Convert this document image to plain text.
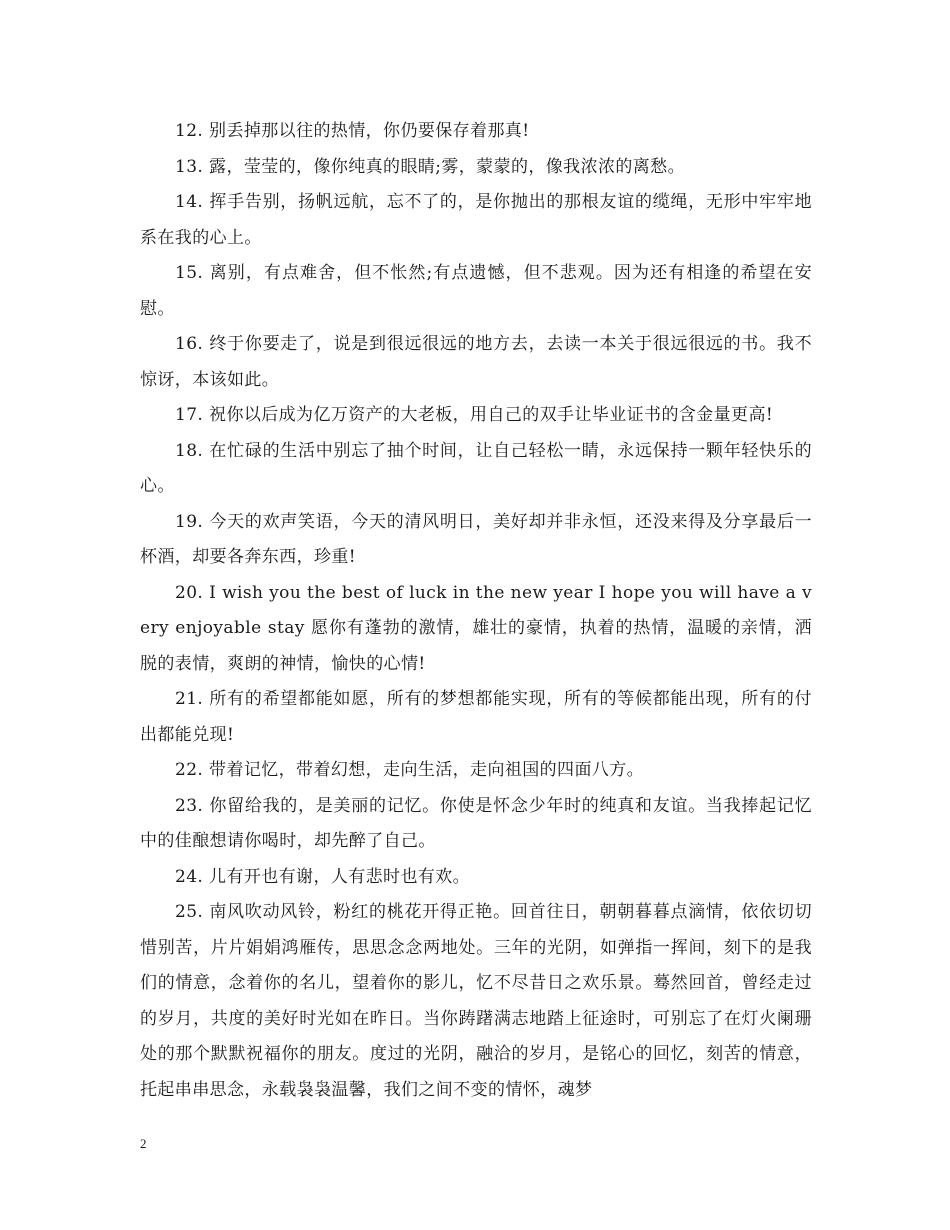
12. 别丢掉那以往的热情，你仍要保存着那真!

13. 露，莹莹的，像你纯真的眼睛;雾，蒙蒙的，像我浓浓的离愁。

14. 挥手告别，扬帆远航，忘不了的，是你抛出的那根友谊的缆绳，无形中牢牢地系在我的心上。

15. 离别，有点难舍，但不怅然;有点遗憾，但不悲观。因为还有相逢的希望在安慰。

16. 终于你要走了，说是到很远很远的地方去，去读一本关于很远很远的书。我不惊讶，本该如此。

17. 祝你以后成为亿万资产的大老板，用自己的双手让毕业证书的含金量更高!

18. 在忙碌的生活中别忘了抽个时间，让自己轻松一睛，永远保持一颗年轻快乐的心。

19. 今天的欢声笑语，今天的清风明日，美好却并非永恒，还没来得及分享最后一杯酒，却要各奔东西，珍重!

20. I wish you the best of luck in the new year I hope you will have a very enjoyable stay 愿你有蓬勃的激情，雄壮的豪情，执着的热情，温暖的亲情，洒脱的表情，爽朗的神情，愉快的心情!

21. 所有的希望都能如愿，所有的梦想都能实现，所有的等候都能出现，所有的付出都能兑现!

22. 带着记忆，带着幻想，走向生活，走向祖国的四面八方。

23. 你留给我的，是美丽的记忆。你使是怀念少年时的纯真和友谊。当我捧起记忆中的佳酿想请你喝时，却先醉了自己。

24. 儿有开也有谢，人有悲时也有欢。

25. 南风吹动风铃，粉红的桃花开得正艳。回首往日，朝朝暮暮点滴情，依依切切惜别苦，片片娟娟鸿雁传，思思念念两地处。三年的光阴，如弹指一挥间，刻下的是我们的情意，念着你的名儿，望着你的影儿，忆不尽昔日之欢乐景。蓦然回首，曾经走过的岁月，共度的美好时光如在昨日。当你踌躇满志地踏上征途时，可别忘了在灯火阑珊处的那个默默祝福你的朋友。度过的光阴，融洽的岁月，是铭心的回忆，刻苦的情意，托起串串思念，永载袅袅温馨，我们之间不变的情怀，魂梦

2
